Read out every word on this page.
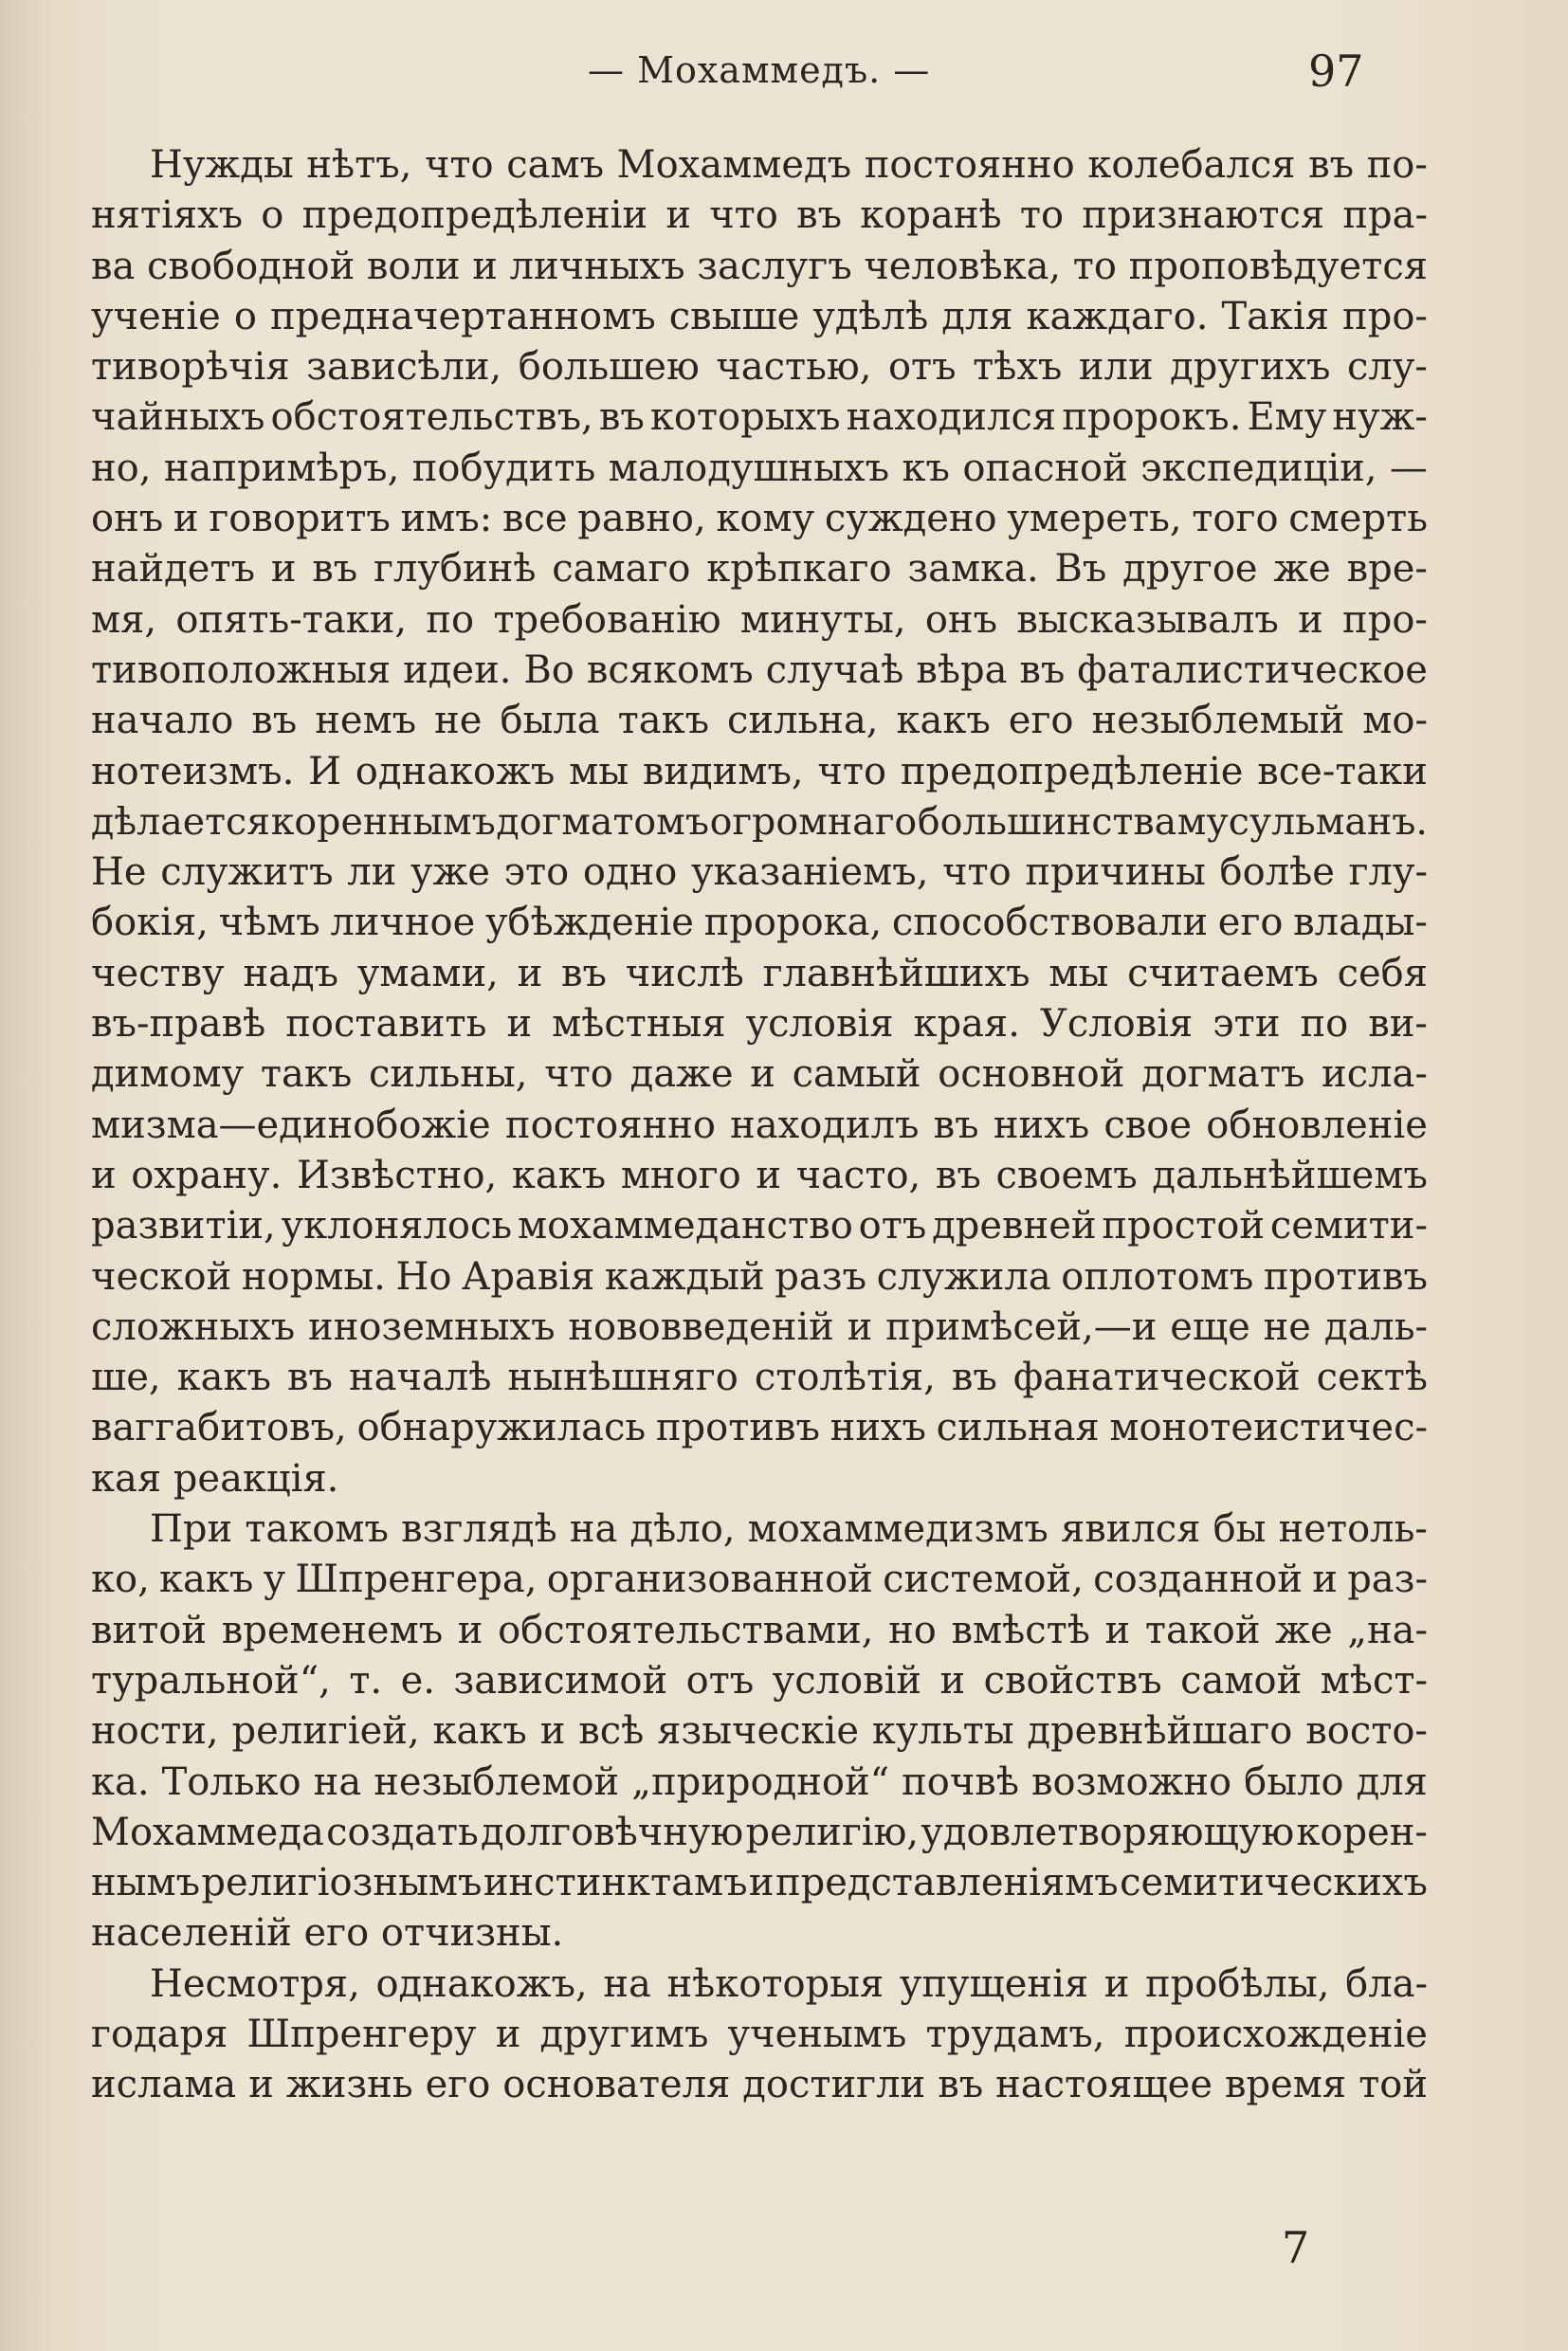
— Мохаммедъ. —	97
Нужды нѣтъ, что самъ Мохаммедъ постоянно колебался въ по-
нятіяхъ о предопредѣленіи и что въ коранѣ то признаются пра-
ва свободной воли и личныхъ заслугъ человѣка, то проповѣдуется
ученіе о предначертанномъ свыше удѣлѣ для каждаго. Такія про-
тиворѣчія зависѣли, большею частью, отъ тѣхъ или другихъ слу-
чайныхъ обстоятельствъ, въ которыхъ находился пророкъ. Ему нуж-
но, напримѣръ, побудить малодушныхъ къ опасной экспедиціи, —
онъ и говоритъ имъ: все равно, кому суждено умереть, того смерть
найдетъ и въ глубинѣ самаго крѣпкаго замка. Въ другое же вре-
мя, опять-таки, по требованію минуты, онъ высказывалъ и про-
тивоположныя идеи. Во всякомъ случаѣ вѣра въ фаталистическое
начало въ немъ не была такъ сильна, какъ его незыблемый мо-
нотеизмъ. И однакожъ мы видимъ, что предопредѣленіе все-таки
дѣлается кореннымъ догматомъ огромнаго большинства мусульманъ.
Не служитъ ли уже это одно указаніемъ, что причины болѣе глу-
бокія, чѣмъ личное убѣжденіе пророка, способствовали его влады-
честву надъ умами, и въ числѣ главнѣйшихъ мы считаемъ себя
въ-правѣ поставить и мѣстныя условія края. Условія эти по ви-
димому такъ сильны, что даже и самый основной догматъ исла-
мизма—единобожіе постоянно находилъ въ нихъ свое обновленіе
и охрану. Извѣстно, какъ много и часто, въ своемъ дальнѣйшемъ
развитіи, уклонялось мохаммеданство отъ древней простой семити-
ческой нормы. Но Аравія каждый разъ служила оплотомъ противъ
сложныхъ иноземныхъ нововведеній и примѣсей,—и еще не даль-
ше, какъ въ началѣ нынѣшняго столѣтія, въ фанатической сектѣ
ваггабитовъ, обнаружилась противъ нихъ сильная монотеистичес-
кая реакція.
При такомъ взглядѣ на дѣло, мохаммедизмъ явился бы нетоль-
ко, какъ у Шпренгера, организованной системой, созданной и раз-
витой временемъ и обстоятельствами, но вмѣстѣ и такой же „на-
туральной“, т. е. зависимой отъ условій и свойствъ самой мѣст-
ности, религіей, какъ и всѣ языческіе культы древнѣйшаго восто-
ка. Только на незыблемой „природной“ почвѣ возможно было для
Мохаммеда создать долговѣчную религію, удовлетворяющую корен-
нымъ религіознымъ инстинктамъ и представленіямъ семитическихъ
населеній его отчизны.
Несмотря, однакожъ, на нѣкоторыя упущенія и пробѣлы, бла-
годаря Шпренгеру и другимъ ученымъ трудамъ, происхожденіе
ислама и жизнь его основателя достигли въ настоящее время той
7
